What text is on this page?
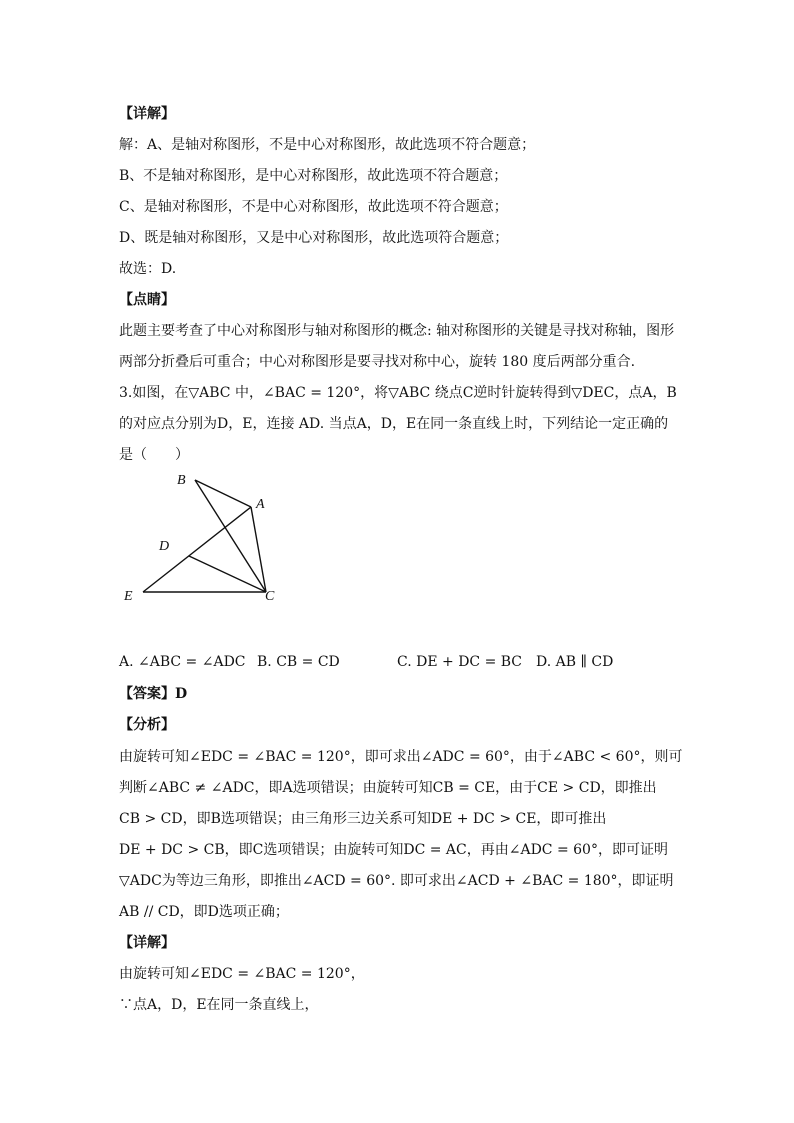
【详解】
解：A、是轴对称图形，不是中心对称图形，故此选项不符合题意；
B、不是轴对称图形，是中心对称图形，故此选项不符合题意；
C、是轴对称图形，不是中心对称图形，故此选项不符合题意；
D、既是轴对称图形，又是中心对称图形，故此选项符合题意；
故选：D.
【点睛】
此题主要考查了中心对称图形与轴对称图形的概念: 轴对称图形的关键是寻找对称轴，图形
两部分折叠后可重合；中心对称图形是要寻找对称中心，旋转 180 度后两部分重合.
3.如图，在▽ABC 中，∠BAC = 120°，将▽ABC 绕点C逆时针旋转得到▽DEC，点A，B
的对应点分别为D，E，连接 AD. 当点A，D，E在同一条直线上时，下列结论一定正确的
是（　　）
B
A
D
E	C
A. ∠ABC = ∠ADC B. CB = CD	C. DE + DC = BC D. AB ∥ CD
【答案】D
【分析】
由旋转可知∠EDC = ∠BAC = 120°，即可求出∠ADC = 60°，由于∠ABC < 60°，则可
判断∠ABC ≠ ∠ADC，即A选项错误；由旋转可知CB = CE，由于CE > CD，即推出
CB > CD，即B选项错误；由三角形三边关系可知DE + DC > CE，即可推出
DE + DC > CB，即C选项错误；由旋转可知DC = AC，再由∠ADC = 60°，即可证明
▽ADC为等边三角形，即推出∠ACD = 60°. 即可求出∠ACD + ∠BAC = 180°，即证明
AB // CD，即D选项正确；
【详解】
由旋转可知∠EDC = ∠BAC = 120°，
∵点A，D，E在同一条直线上，
